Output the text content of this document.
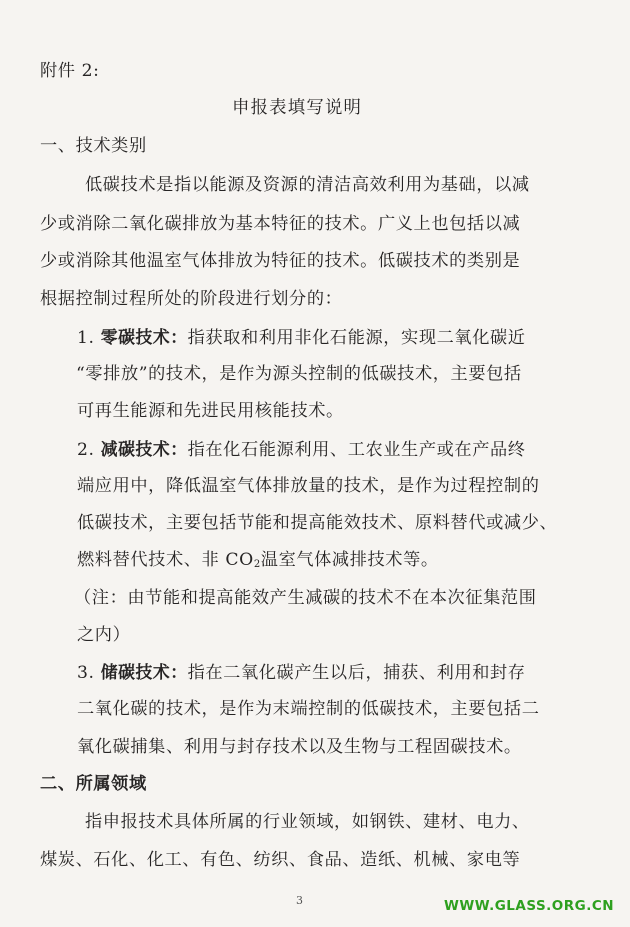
附件 2:
申报表填写说明
一、技术类别
低碳技术是指以能源及资源的清洁高效利用为基础，以减
少或消除二氧化碳排放为基本特征的技术。广义上也包括以减
少或消除其他温室气体排放为特征的技术。低碳技术的类别是
根据控制过程所处的阶段进行划分的：
1. 零碳技术：指获取和利用非化石能源，实现二氧化碳近
“零排放”的技术，是作为源头控制的低碳技术，主要包括
可再生能源和先进民用核能技术。
2. 减碳技术：指在化石能源利用、工农业生产或在产品终
端应用中，降低温室气体排放量的技术，是作为过程控制的
低碳技术，主要包括节能和提高能效技术、原料替代或减少、
燃料替代技术、非 $CO_2$温室气体减排技术等。
（注：由节能和提高能效产生减碳的技术不在本次征集范围
之内）
3. 储碳技术：指在二氧化碳产生以后，捕获、利用和封存
二氧化碳的技术，是作为末端控制的低碳技术，主要包括二
氧化碳捕集、利用与封存技术以及生物与工程固碳技术。
二、所属领域
指申报技术具体所属的行业领域，如钢铁、建材、电力、
煤炭、石化、化工、有色、纺织、食品、造纸、机械、家电等
3	WWW.GLASS.ORG.CN
